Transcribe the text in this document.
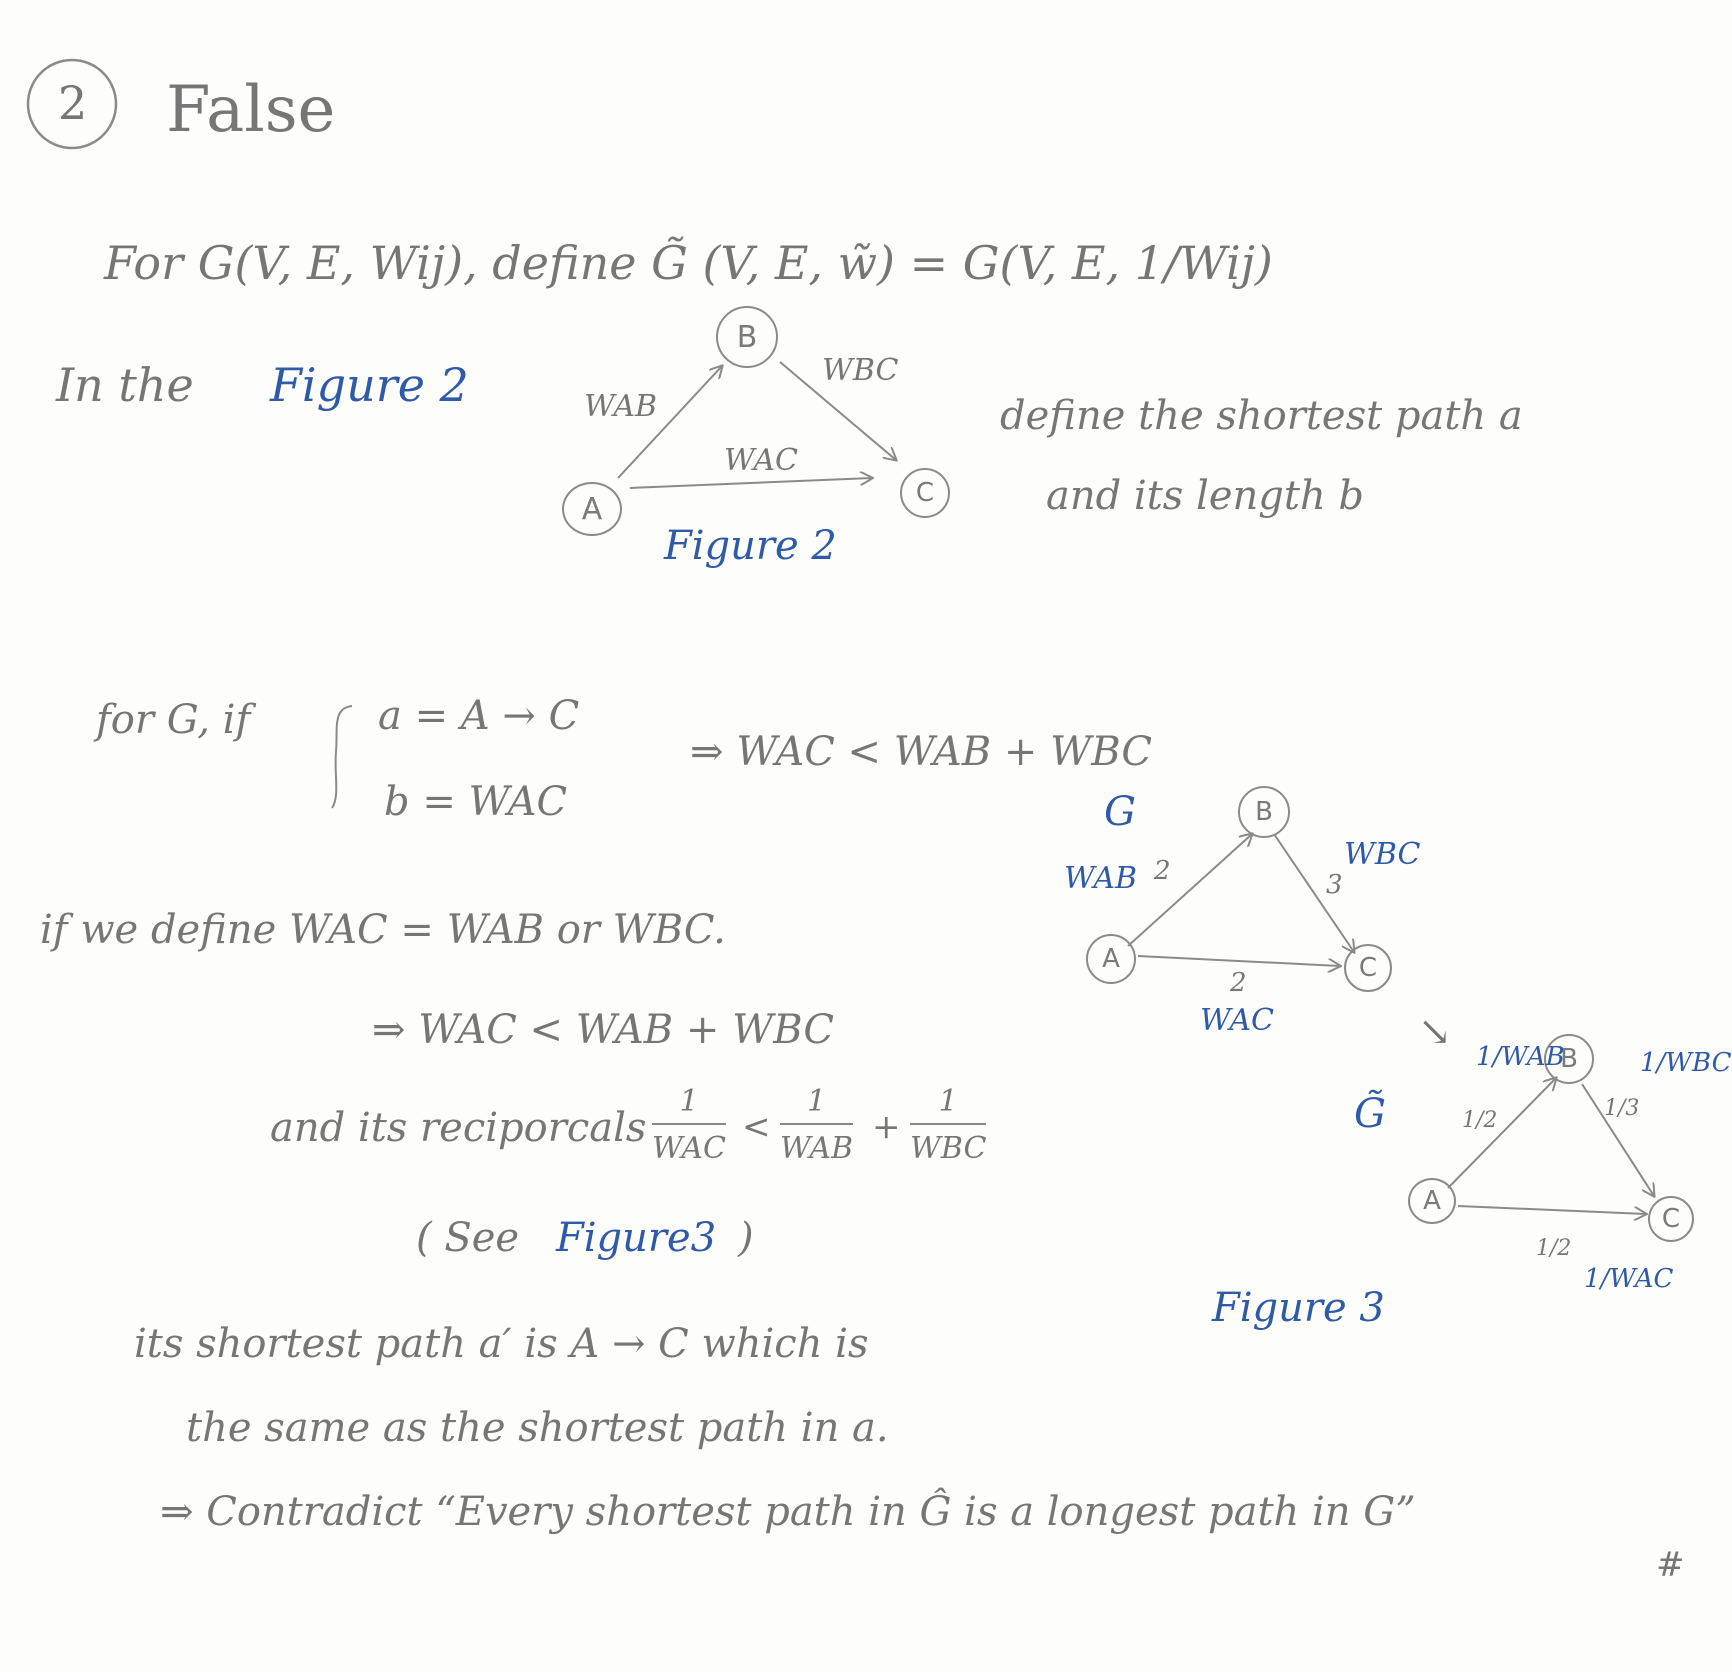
2 False
For G(V, E, Wij), define G̃ (V, E, w̃) = G(V, E, 1/Wij)
In the Figure 2
define the shortest path a
and its length b
B
A	C
WAB
WBC
WAC
Figure 2
for G, if	a = A → C
b = WAC
⇒ WAC < WAB + WBC
G	B
A	C
WAB 2	WBC
3
2
WAC	↘
G̃
B
A
C
1/WAB
1/2
1/WBC
1/3
1/2
1/WAC
Figure 3
if we define WAC = WAB or WBC.
⇒ WAC < WAB + WBC
and its reciporcals
1
WAC
<
1
WAB
+
1
WBC
( See Figure3 )
its shortest path a′ is A → C which is
the same as the shortest path in a.
⇒ Contradict “Every shortest path in Ĝ is a longest path in G”
#
